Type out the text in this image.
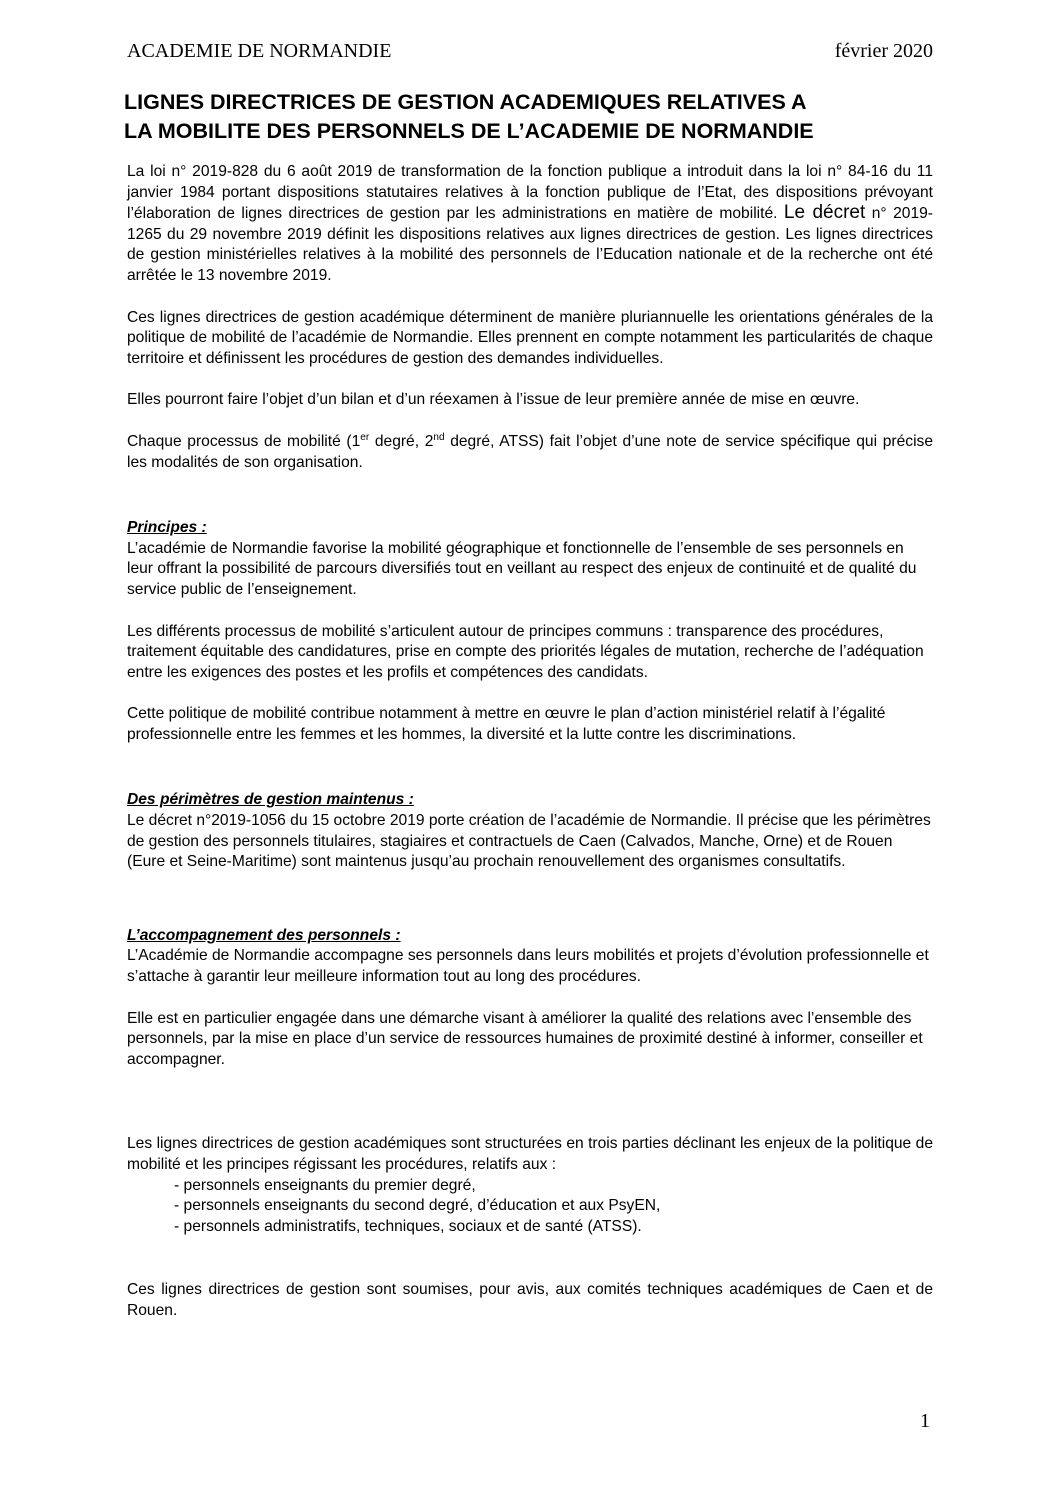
ACADEMIE DE NORMANDIE	février 2020
LIGNES DIRECTRICES DE GESTION ACADEMIQUES RELATIVES A
LA MOBILITE DES PERSONNELS DE L’ACADEMIE DE NORMANDIE

La loi n° 2019-828 du 6 août 2019 de transformation de la fonction publique a introduit dans la loi n° 84-16 du 11 janvier 1984 portant dispositions statutaires relatives à la fonction publique de l’Etat, des dispositions prévoyant l’élaboration de lignes directrices de gestion par les administrations en matière de mobilité. Le décret n° 2019-1265 du 29 novembre 2019 définit les dispositions relatives aux lignes directrices de gestion. Les lignes directrices de gestion ministérielles relatives à la mobilité des personnels de l’Education nationale et de la recherche ont été arrêtée le 13 novembre 2019.

Ces lignes directrices de gestion académique déterminent de manière pluriannuelle les orientations générales de la politique de mobilité de l’académie de Normandie. Elles prennent en compte notamment les particularités de chaque territoire et définissent les procédures de gestion des demandes individuelles.

Elles pourront faire l’objet d’un bilan et d’un réexamen à l’issue de leur première année de mise en œuvre.

Chaque processus de mobilité (1er degré, 2nd degré, ATSS) fait l’objet d’une note de service spécifique qui précise les modalités de son organisation.

Principes :
L’académie de Normandie favorise la mobilité géographique et fonctionnelle de l’ensemble de ses personnels en leur offrant la possibilité de parcours diversifiés tout en veillant au respect des enjeux de continuité et de qualité du service public de l’enseignement.

Les différents processus de mobilité s’articulent autour de principes communs : transparence des procédures, traitement équitable des candidatures, prise en compte des priorités légales de mutation, recherche de l’adéquation entre les exigences des postes et les profils et compétences des candidats.

Cette politique de mobilité contribue notamment à mettre en œuvre le plan d’action ministériel relatif à l’égalité professionnelle entre les femmes et les hommes, la diversité et la lutte contre les discriminations.

Des périmètres de gestion maintenus :
Le décret n°2019-1056 du 15 octobre 2019 porte création de l’académie de Normandie. Il précise que les périmètres de gestion des personnels titulaires, stagiaires et contractuels de Caen (Calvados, Manche, Orne) et de Rouen (Eure et Seine-Maritime) sont maintenus jusqu’au prochain renouvellement des organismes consultatifs.

L’accompagnement des personnels :
L’Académie de Normandie accompagne ses personnels dans leurs mobilités et projets d’évolution professionnelle et s’attache à garantir leur meilleure information tout au long des procédures.

Elle est en particulier engagée dans une démarche visant à améliorer la qualité des relations avec l’ensemble des personnels, par la mise en place d’un service de ressources humaines de proximité destiné à informer, conseiller et accompagner.

Les lignes directrices de gestion académiques sont structurées en trois parties déclinant les enjeux de la politique de mobilité et les principes régissant les procédures, relatifs aux :

- personnels enseignants du premier degré,
- personnels enseignants du second degré, d’éducation et aux PsyEN,
- personnels administratifs, techniques, sociaux et de santé (ATSS).

Ces lignes directrices de gestion sont soumises, pour avis, aux comités techniques académiques de Caen et de Rouen.

1
